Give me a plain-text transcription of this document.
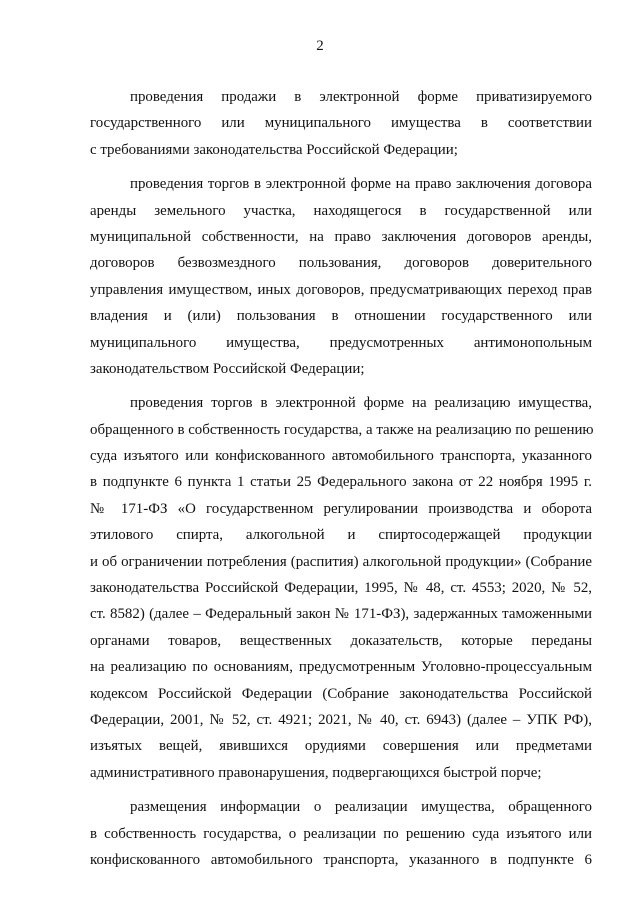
2
проведения продажи в электронной форме приватизируемого
государственного или муниципального имущества в соответствии
с требованиями законодательства Российской Федерации;
проведения торгов в электронной форме на право заключения договора
аренды земельного участка, находящегося в государственной или
муниципальной собственности, на право заключения договоров аренды,
договоров безвозмездного пользования, договоров доверительного
управления имуществом, иных договоров, предусматривающих переход прав
владения и (или) пользования в отношении государственного или
муниципального имущества, предусмотренных антимонопольным
законодательством Российской Федерации;
проведения торгов в электронной форме на реализацию имущества,
обращенного в собственность государства, а также на реализацию по решению
суда изъятого или конфискованного автомобильного транспорта, указанного
в подпункте 6 пункта 1 статьи 25 Федерального закона от 22 ноября 1995 г.
№ 171-ФЗ «О государственном регулировании производства и оборота
этилового спирта, алкогольной и спиртосодержащей продукции
и об ограничении потребления (распития) алкогольной продукции» (Собрание
законодательства Российской Федерации, 1995, № 48, ст. 4553; 2020, № 52,
ст. 8582) (далее – Федеральный закон № 171-ФЗ), задержанных таможенными
органами товаров, вещественных доказательств, которые переданы
на реализацию по основаниям, предусмотренным Уголовно-процессуальным
кодексом Российской Федерации (Собрание законодательства Российской
Федерации, 2001, № 52, ст. 4921; 2021, № 40, ст. 6943) (далее – УПК РФ),
изъятых вещей, явившихся орудиями совершения или предметами
административного правонарушения, подвергающихся быстрой порче;
размещения информации о реализации имущества, обращенного
в собственность государства, о реализации по решению суда изъятого или
конфискованного автомобильного транспорта, указанного в подпункте 6
